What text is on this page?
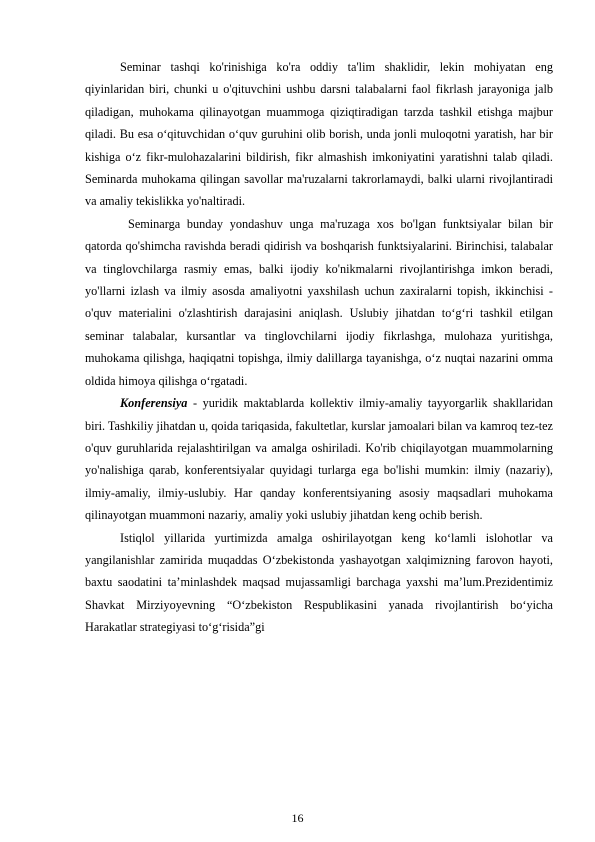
Seminar tashqi ko'rinishiga ko'ra oddiy ta'lim shaklidir, lekin mohiyatan eng qiyinlaridan biri, chunki u o'qituvchini ushbu darsni talabalarni faol fikrlash jarayoniga jalb qiladigan, muhokama qilinayotgan muammoga qiziqtiradigan tarzda tashkil etishga majbur qiladi. Bu esa o‘qituvchidan o‘quv guruhini olib borish, unda jonli muloqotni yaratish, har bir kishiga o‘z fikr-mulohazalarini bildirish, fikr almashish imkoniyatini yaratishni talab qiladi. Seminarda muhokama qilingan savollar ma'ruzalarni takrorlamaydi, balki ularni rivojlantiradi va amaliy tekislikka yo'naltiradi.

Seminarga bunday yondashuv unga ma'ruzaga xos bo'lgan funktsiyalar bilan bir qatorda qo'shimcha ravishda beradi qidirish va boshqarish funktsiyalarini. Birinchisi, talabalar va tinglovchilarga rasmiy emas, balki ijodiy ko'nikmalarni rivojlantirishga imkon beradi, yo'llarni izlash va ilmiy asosda amaliyotni yaxshilash uchun zaxiralarni topish, ikkinchisi - o'quv materialini o'zlashtirish darajasini aniqlash. Uslubiy jihatdan to‘g‘ri tashkil etilgan seminar talabalar, kursantlar va tinglovchilarni ijodiy fikrlashga, mulohaza yuritishga, muhokama qilishga, haqiqatni topishga, ilmiy dalillarga tayanishga, o‘z nuqtai nazarini omma oldida himoya qilishga o‘rgatadi.

Konferensiya - yuridik maktablarda kollektiv ilmiy-amaliy tayyorgarlik shakllaridan biri. Tashkiliy jihatdan u, qoida tariqasida, fakultetlar, kurslar jamoalari bilan va kamroq tez-tez o'quv guruhlarida rejalashtirilgan va amalga oshiriladi. Ko'rib chiqilayotgan muammolarning yo'nalishiga qarab, konferentsiyalar quyidagi turlarga ega bo'lishi mumkin: ilmiy (nazariy), ilmiy-amaliy, ilmiy-uslubiy. Har qanday konferentsiyaning asosiy maqsadlari muhokama qilinayotgan muammoni nazariy, amaliy yoki uslubiy jihatdan keng ochib berish.

Istiqlol yillarida yurtimizda amalga oshirilayotgan keng ko‘lamli islohotlar va yangilanishlar zamirida muqaddas O‘zbekistonda yashayotgan xalqimizning farovon hayoti, baxtu saodatini ta’minlashdek maqsad mujassamligi barchaga yaxshi ma’lum.Prezidentimiz Shavkat Mirziyoyevning “O‘zbekiston Respublikasini yanada rivojlantirish bo‘yicha Harakatlar strategiyasi to‘g‘risida”gi

16
